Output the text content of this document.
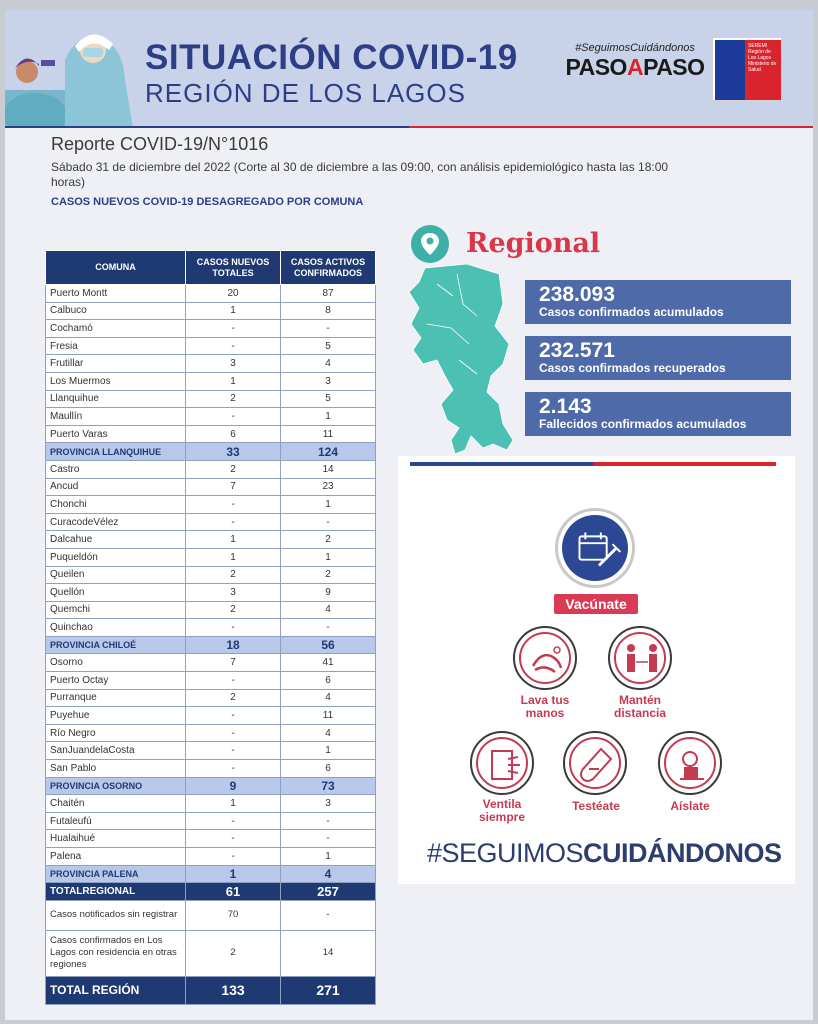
SITUACIÓN COVID-19
REGIÓN DE LOS LAGOS
#SeguimosCuidándonos
PASOAPASO
SEREMI Región de Los Lagos Ministerio de Salud
Reporte COVID-19/N°1016
Sábado 31 de diciembre del 2022 (Corte al 30 de diciembre a las 09:00, con análisis epidemiológico hasta las 18:00 horas)
CASOS NUEVOS COVID-19 DESAGREGADO POR COMUNA
COMUNA	CASOS NUEVOS TOTALES	CASOS ACTIVOS CONFIRMADOS
Puerto Montt	20	87
Calbuco	1	8
Cochamó	-	-
Fresia	-	5
Frutillar	3	4
Los Muermos	1	3
Llanquihue	2	5
Maullín	-	1
Puerto Varas	6	11
PROVINCIA LLANQUIHUE	33	124
Castro	2	14
Ancud	7	23
Chonchi	-	1
CuracodeVélez	-	-
Dalcahue	1	2
Puqueldón	1	1
Queilen	2	2
Quellón	3	9
Quemchi	2	4
Quinchao	-	-
PROVINCIA CHILOÉ	18	56
Osorno	7	41
Puerto Octay	-	6
Purranque	2	4
Puyehue	-	11
Río Negro	-	4
SanJuandelaCosta	-	1
San Pablo	-	6
PROVINCIA OSORNO	9	73
Chaitén	1	3
Futaleufú	-	-
Hualaihué	-	-
Palena	-	1
PROVINCIA PALENA	1	4
TOTALREGIONAL	61	257
Casos notificados sin registrar	70	-
Casos confirmados en Los Lagos con residencia en otras regiones	2	14
TOTAL REGIÓN	133	271
Regional
238.093
Casos confirmados acumulados
232.571
Casos confirmados recuperados
2.143
Fallecidos confirmados acumulados
Vacúnate
Lava tus
manos
Mantén
distancia
Ventila
siempre
Testéate	Aíslate
#SEGUIMOSCUIDÁNDONOS
